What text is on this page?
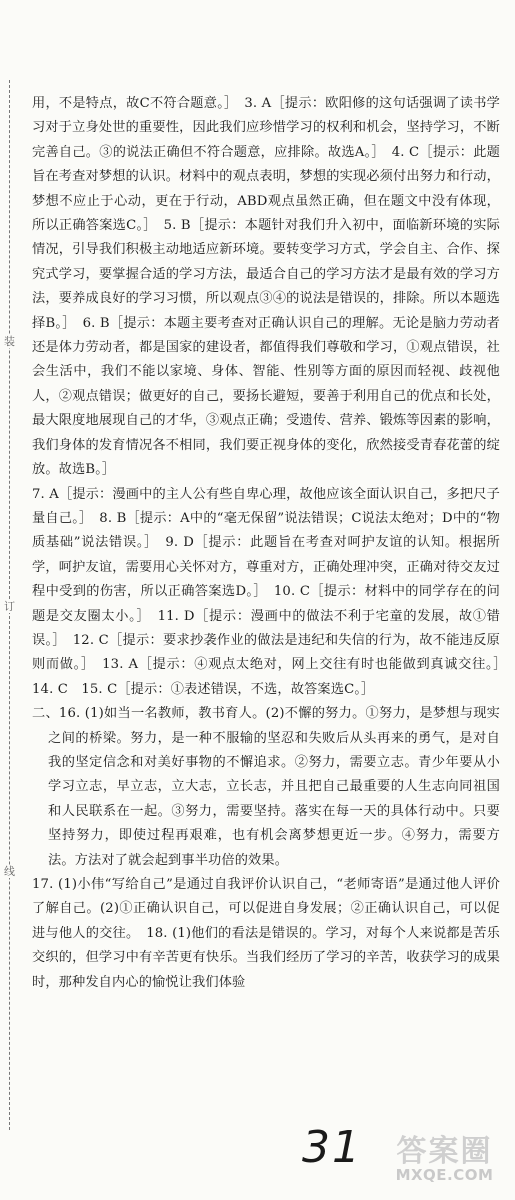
装
订
线

用，不是特点，故C不符合题意。］　3. A［提示：欧阳修的这句话强调了读书学习对于立身处世的重要性，因此我们应珍惜学习的权利和机会，坚持学习，不断完善自己。③的说法正确但不符合题意，应排除。故选A。］　4. C［提示：此题旨在考查对梦想的认识。材料中的观点表明，梦想的实现必须付出努力和行动，梦想不应止于心动，更在于行动，ABD观点虽然正确，但在题文中没有体现，所以正确答案选C。］　5. B［提示：本题针对我们升入初中，面临新环境的实际情况，引导我们积极主动地适应新环境。要转变学习方式，学会自主、合作、探究式学习，要掌握合适的学习方法，最适合自己的学习方法才是最有效的学习方法，要养成良好的学习习惯，所以观点③④的说法是错误的，排除。所以本题选择B。］　6. B［提示：本题主要考查对正确认识自己的理解。无论是脑力劳动者还是体力劳动者，都是国家的建设者，都值得我们尊敬和学习，①观点错误，社会生活中，我们不能以家境、身体、智能、性别等方面的原因而轻视、歧视他人，②观点错误；做更好的自己，要扬长避短，要善于利用自己的优点和长处，最大限度地展现自己的才华，③观点正确；受遗传、营养、锻炼等因素的影响，我们身体的发育情况各不相同，我们要正视身体的变化，欣然接受青春花蕾的绽放。故选B。］

7. A［提示：漫画中的主人公有些自卑心理，故他应该全面认识自己，多把尺子量自己。］　8. B［提示：A中的“毫无保留”说法错误；C说法太绝对；D中的“物质基础”说法错误。］　9. D［提示：此题旨在考查对呵护友谊的认知。根据所学，呵护友谊，需要用心关怀对方，尊重对方，正确处理冲突，正确对待交友过程中受到的伤害，所以正确答案选D。］　10. C［提示：材料中的同学存在的问题是交友圈太小。］　11. D［提示：漫画中的做法不利于宅童的发展，故①错误。］　12. C［提示：要求抄袭作业的做法是违纪和失信的行为，故不能违反原则而做。］　13. A［提示：④观点太绝对，网上交往有时也能做到真诚交往。］　14. C　15. C［提示：①表述错误，不选，故答案选C。］

二、16. (1)如当一名教师，教书育人。(2)不懈的努力。①努力，是梦想与现实之间的桥梁。努力，是一种不服输的坚忍和失败后从头再来的勇气，是对自我的坚定信念和对美好事物的不懈追求。②努力，需要立志。青少年要从小学习立志，早立志，立大志，立长志，并且把自己最重要的人生志向同祖国和人民联系在一起。③努力，需要坚持。落实在每一天的具体行动中。只要坚持努力，即使过程再艰难，也有机会离梦想更近一步。④努力，需要方法。方法对了就会起到事半功倍的效果。

17. (1)小伟“写给自己”是通过自我评价认识自己，“老师寄语”是通过他人评价了解自己。(2)①正确认识自己，可以促进自身发展；②正确认识自己，可以促进与他人的交往。　18. (1)他们的看法是错误的。学习，对每个人来说都是苦乐交织的，但学习中有辛苦更有快乐。当我们经历了学习的辛苦，收获学习的成果时，那种发自内心的愉悦让我们体验

31	答案圈
MXQE.COM
